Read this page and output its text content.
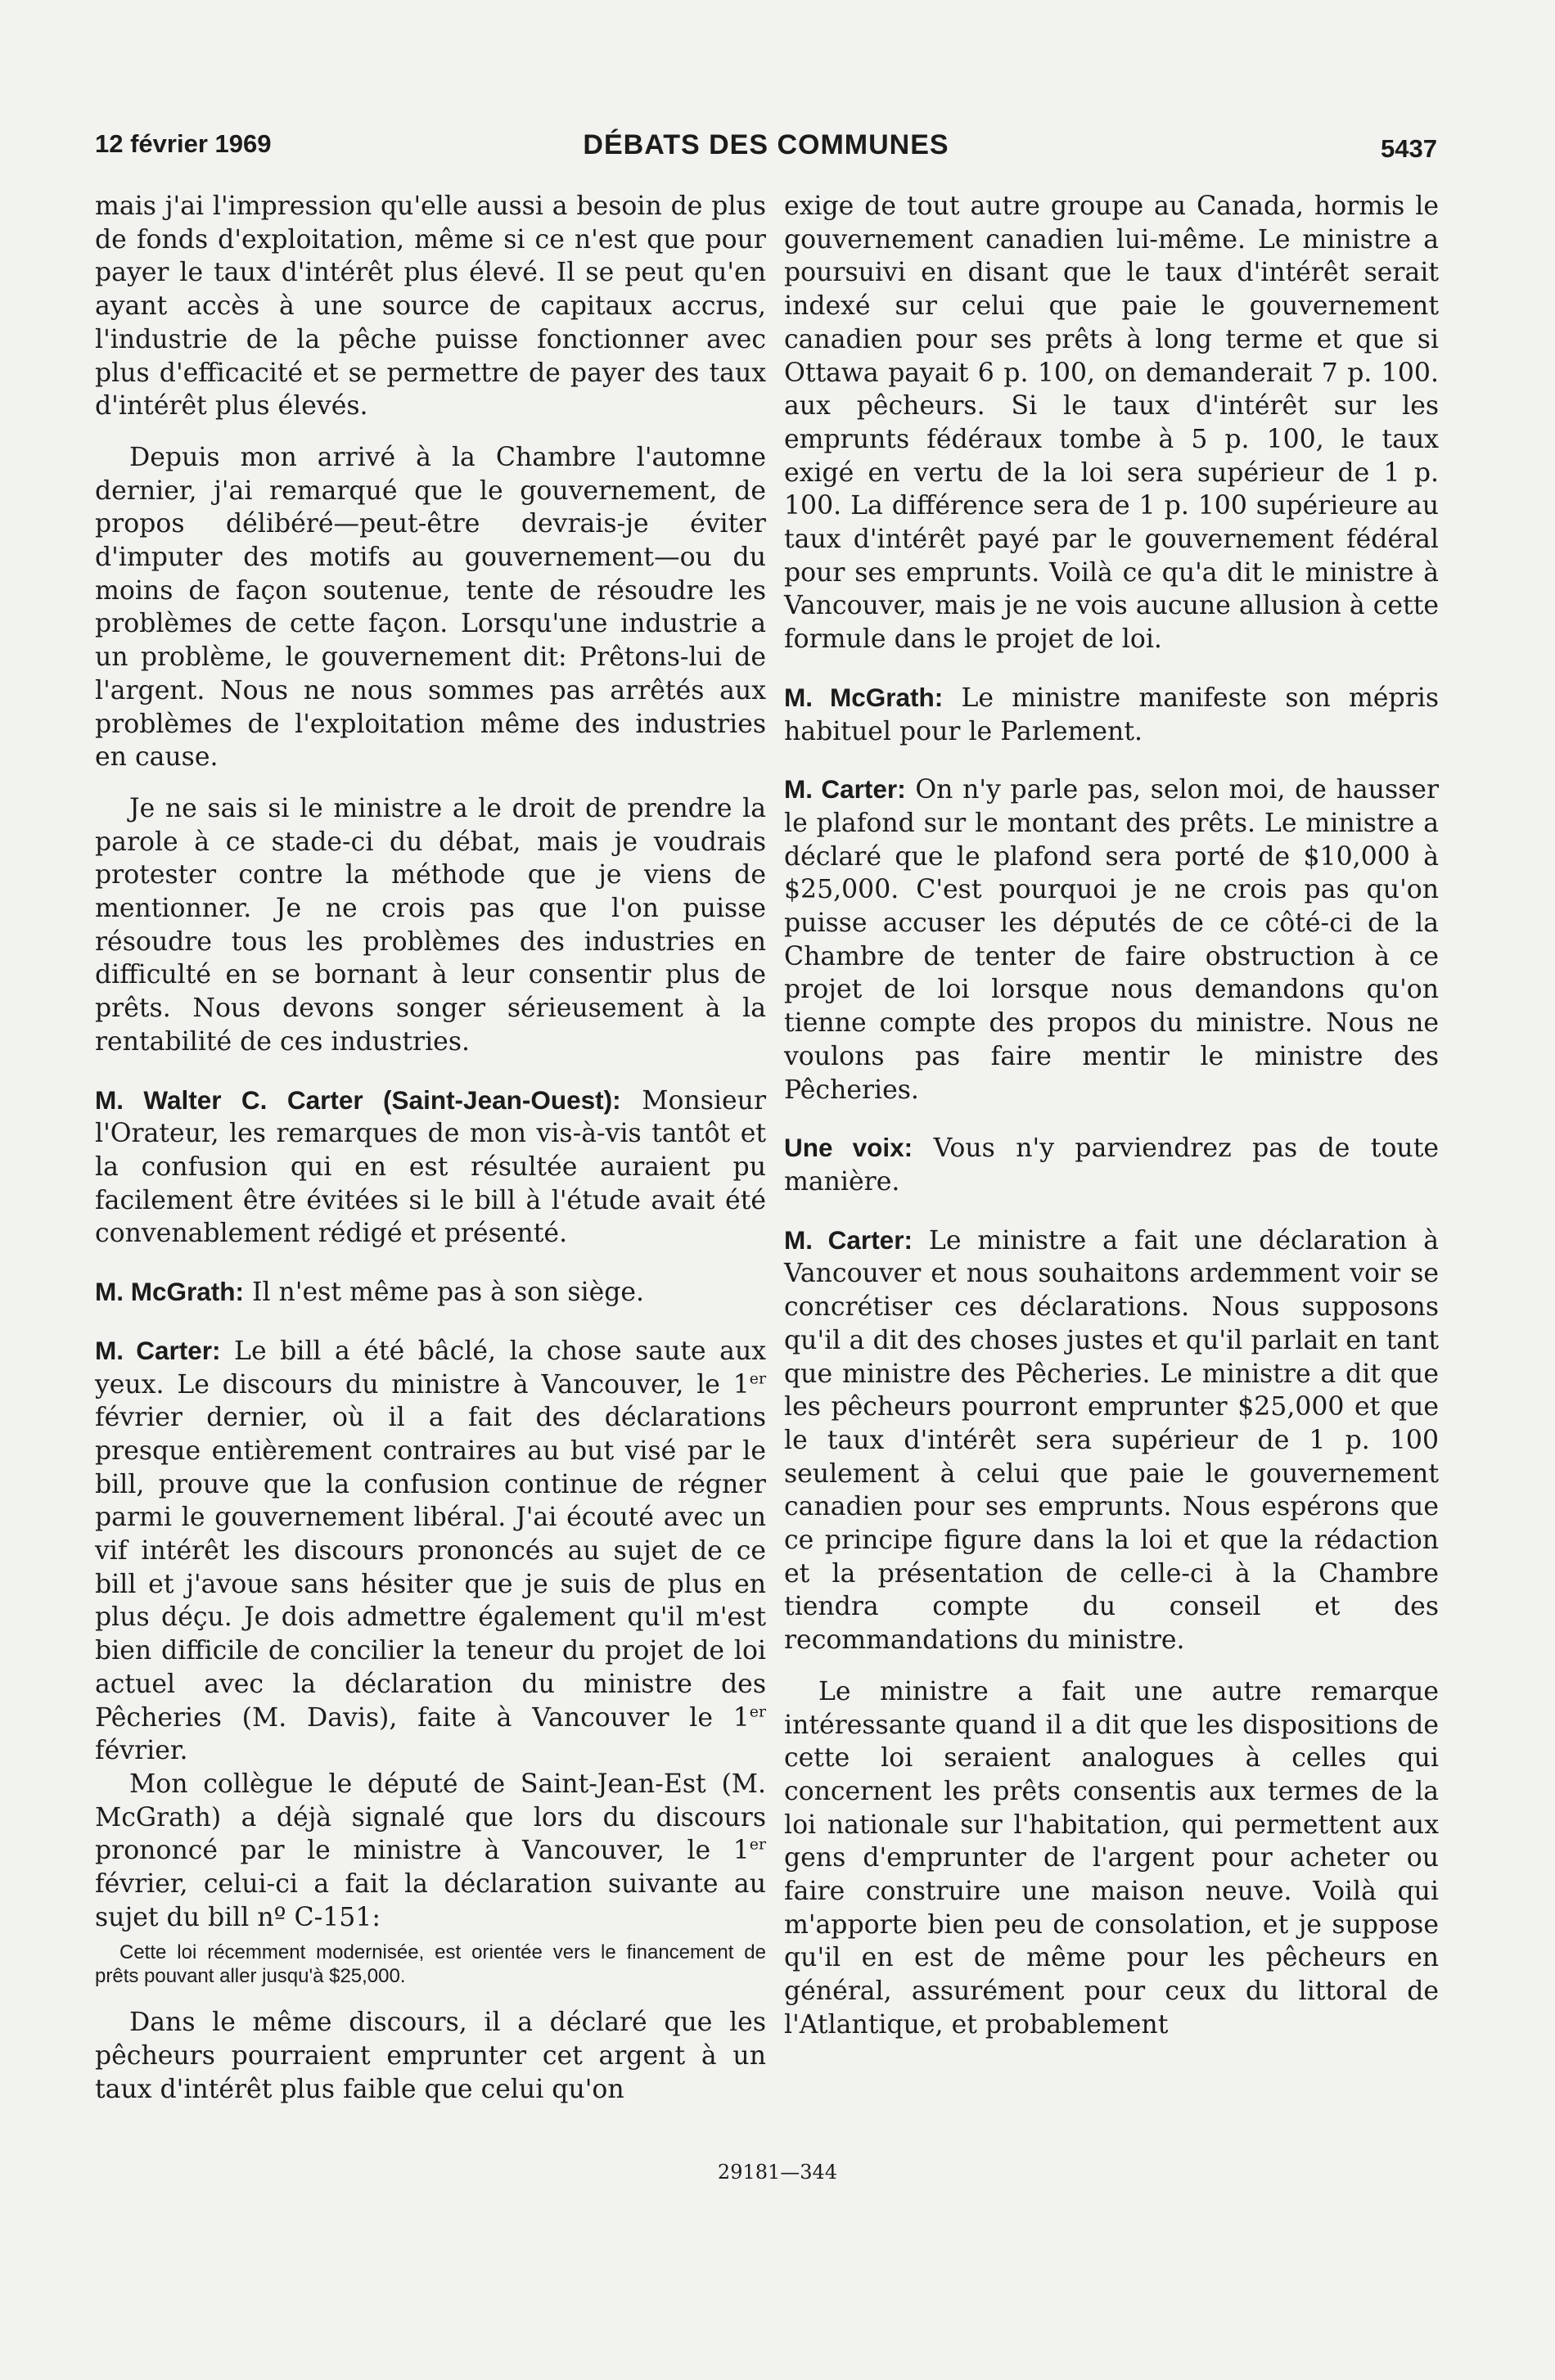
12 février 1969	DÉBATS DES COMMUNES	5437

mais j'ai l'impression qu'elle aussi a besoin de plus de fonds d'exploitation, même si ce n'est que pour payer le taux d'intérêt plus élevé. Il se peut qu'en ayant accès à une source de capitaux accrus, l'industrie de la pêche puisse fonctionner avec plus d'efficacité et se permettre de payer des taux d'intérêt plus élevés.

Depuis mon arrivé à la Chambre l'automne dernier, j'ai remarqué que le gouvernement, de propos délibéré—peut-être devrais-je éviter d'imputer des motifs au gouvernement—ou du moins de façon soutenue, tente de résoudre les problèmes de cette façon. Lorsqu'une industrie a un problème, le gouvernement dit: Prêtons-lui de l'argent. Nous ne nous sommes pas arrêtés aux problèmes de l'exploitation même des industries en cause.

Je ne sais si le ministre a le droit de prendre la parole à ce stade-ci du débat, mais je voudrais protester contre la méthode que je viens de mentionner. Je ne crois pas que l'on puisse résoudre tous les problèmes des industries en difficulté en se bornant à leur consentir plus de prêts. Nous devons songer sérieusement à la rentabilité de ces industries.

M. Walter C. Carter (Saint-Jean-Ouest): Monsieur l'Orateur, les remarques de mon vis-à-vis tantôt et la confusion qui en est résultée auraient pu facilement être évitées si le bill à l'étude avait été convenablement rédigé et présenté.

M. McGrath: Il n'est même pas à son siège.

M. Carter: Le bill a été bâclé, la chose saute aux yeux. Le discours du ministre à Vancouver, le 1er février dernier, où il a fait des déclarations presque entièrement contraires au but visé par le bill, prouve que la confusion continue de régner parmi le gouvernement libéral. J'ai écouté avec un vif intérêt les discours prononcés au sujet de ce bill et j'avoue sans hésiter que je suis de plus en plus déçu. Je dois admettre également qu'il m'est bien difficile de concilier la teneur du projet de loi actuel avec la déclaration du ministre des Pêcheries (M. Davis), faite à Vancouver le 1er février.

Mon collègue le député de Saint-Jean-Est (M. McGrath) a déjà signalé que lors du discours prononcé par le ministre à Vancouver, le 1er février, celui-ci a fait la déclaration suivante au sujet du bill nº C-151:

Cette loi récemment modernisée, est orientée vers le financement de prêts pouvant aller jusqu'à $25,000.

Dans le même discours, il a déclaré que les pêcheurs pourraient emprunter cet argent à un taux d'intérêt plus faible que celui qu'on

exige de tout autre groupe au Canada, hormis le gouvernement canadien lui-même. Le ministre a poursuivi en disant que le taux d'intérêt serait indexé sur celui que paie le gouvernement canadien pour ses prêts à long terme et que si Ottawa payait 6 p. 100, on demanderait 7 p. 100. aux pêcheurs. Si le taux d'intérêt sur les emprunts fédéraux tombe à 5 p. 100, le taux exigé en vertu de la loi sera supérieur de 1 p. 100. La différence sera de 1 p. 100 supérieure au taux d'intérêt payé par le gouvernement fédéral pour ses emprunts. Voilà ce qu'a dit le ministre à Vancouver, mais je ne vois aucune allusion à cette formule dans le projet de loi.

M. McGrath: Le ministre manifeste son mépris habituel pour le Parlement.

M. Carter: On n'y parle pas, selon moi, de hausser le plafond sur le montant des prêts. Le ministre a déclaré que le plafond sera porté de $10,000 à $25,000. C'est pourquoi je ne crois pas qu'on puisse accuser les députés de ce côté-ci de la Chambre de tenter de faire obstruction à ce projet de loi lorsque nous demandons qu'on tienne compte des propos du ministre. Nous ne voulons pas faire mentir le ministre des Pêcheries.

Une voix: Vous n'y parviendrez pas de toute manière.

M. Carter: Le ministre a fait une déclaration à Vancouver et nous souhaitons ardemment voir se concrétiser ces déclarations. Nous supposons qu'il a dit des choses justes et qu'il parlait en tant que ministre des Pêcheries. Le ministre a dit que les pêcheurs pourront emprunter $25,000 et que le taux d'intérêt sera supérieur de 1 p. 100 seulement à celui que paie le gouvernement canadien pour ses emprunts. Nous espérons que ce principe figure dans la loi et que la rédaction et la présentation de celle-ci à la Chambre tiendra compte du conseil et des recommandations du ministre.

Le ministre a fait une autre remarque intéressante quand il a dit que les dispositions de cette loi seraient analogues à celles qui concernent les prêts consentis aux termes de la loi nationale sur l'habitation, qui permettent aux gens d'emprunter de l'argent pour acheter ou faire construire une maison neuve. Voilà qui m'apporte bien peu de consolation, et je suppose qu'il en est de même pour les pêcheurs en général, assurément pour ceux du littoral de l'Atlantique, et probablement

29181—344
